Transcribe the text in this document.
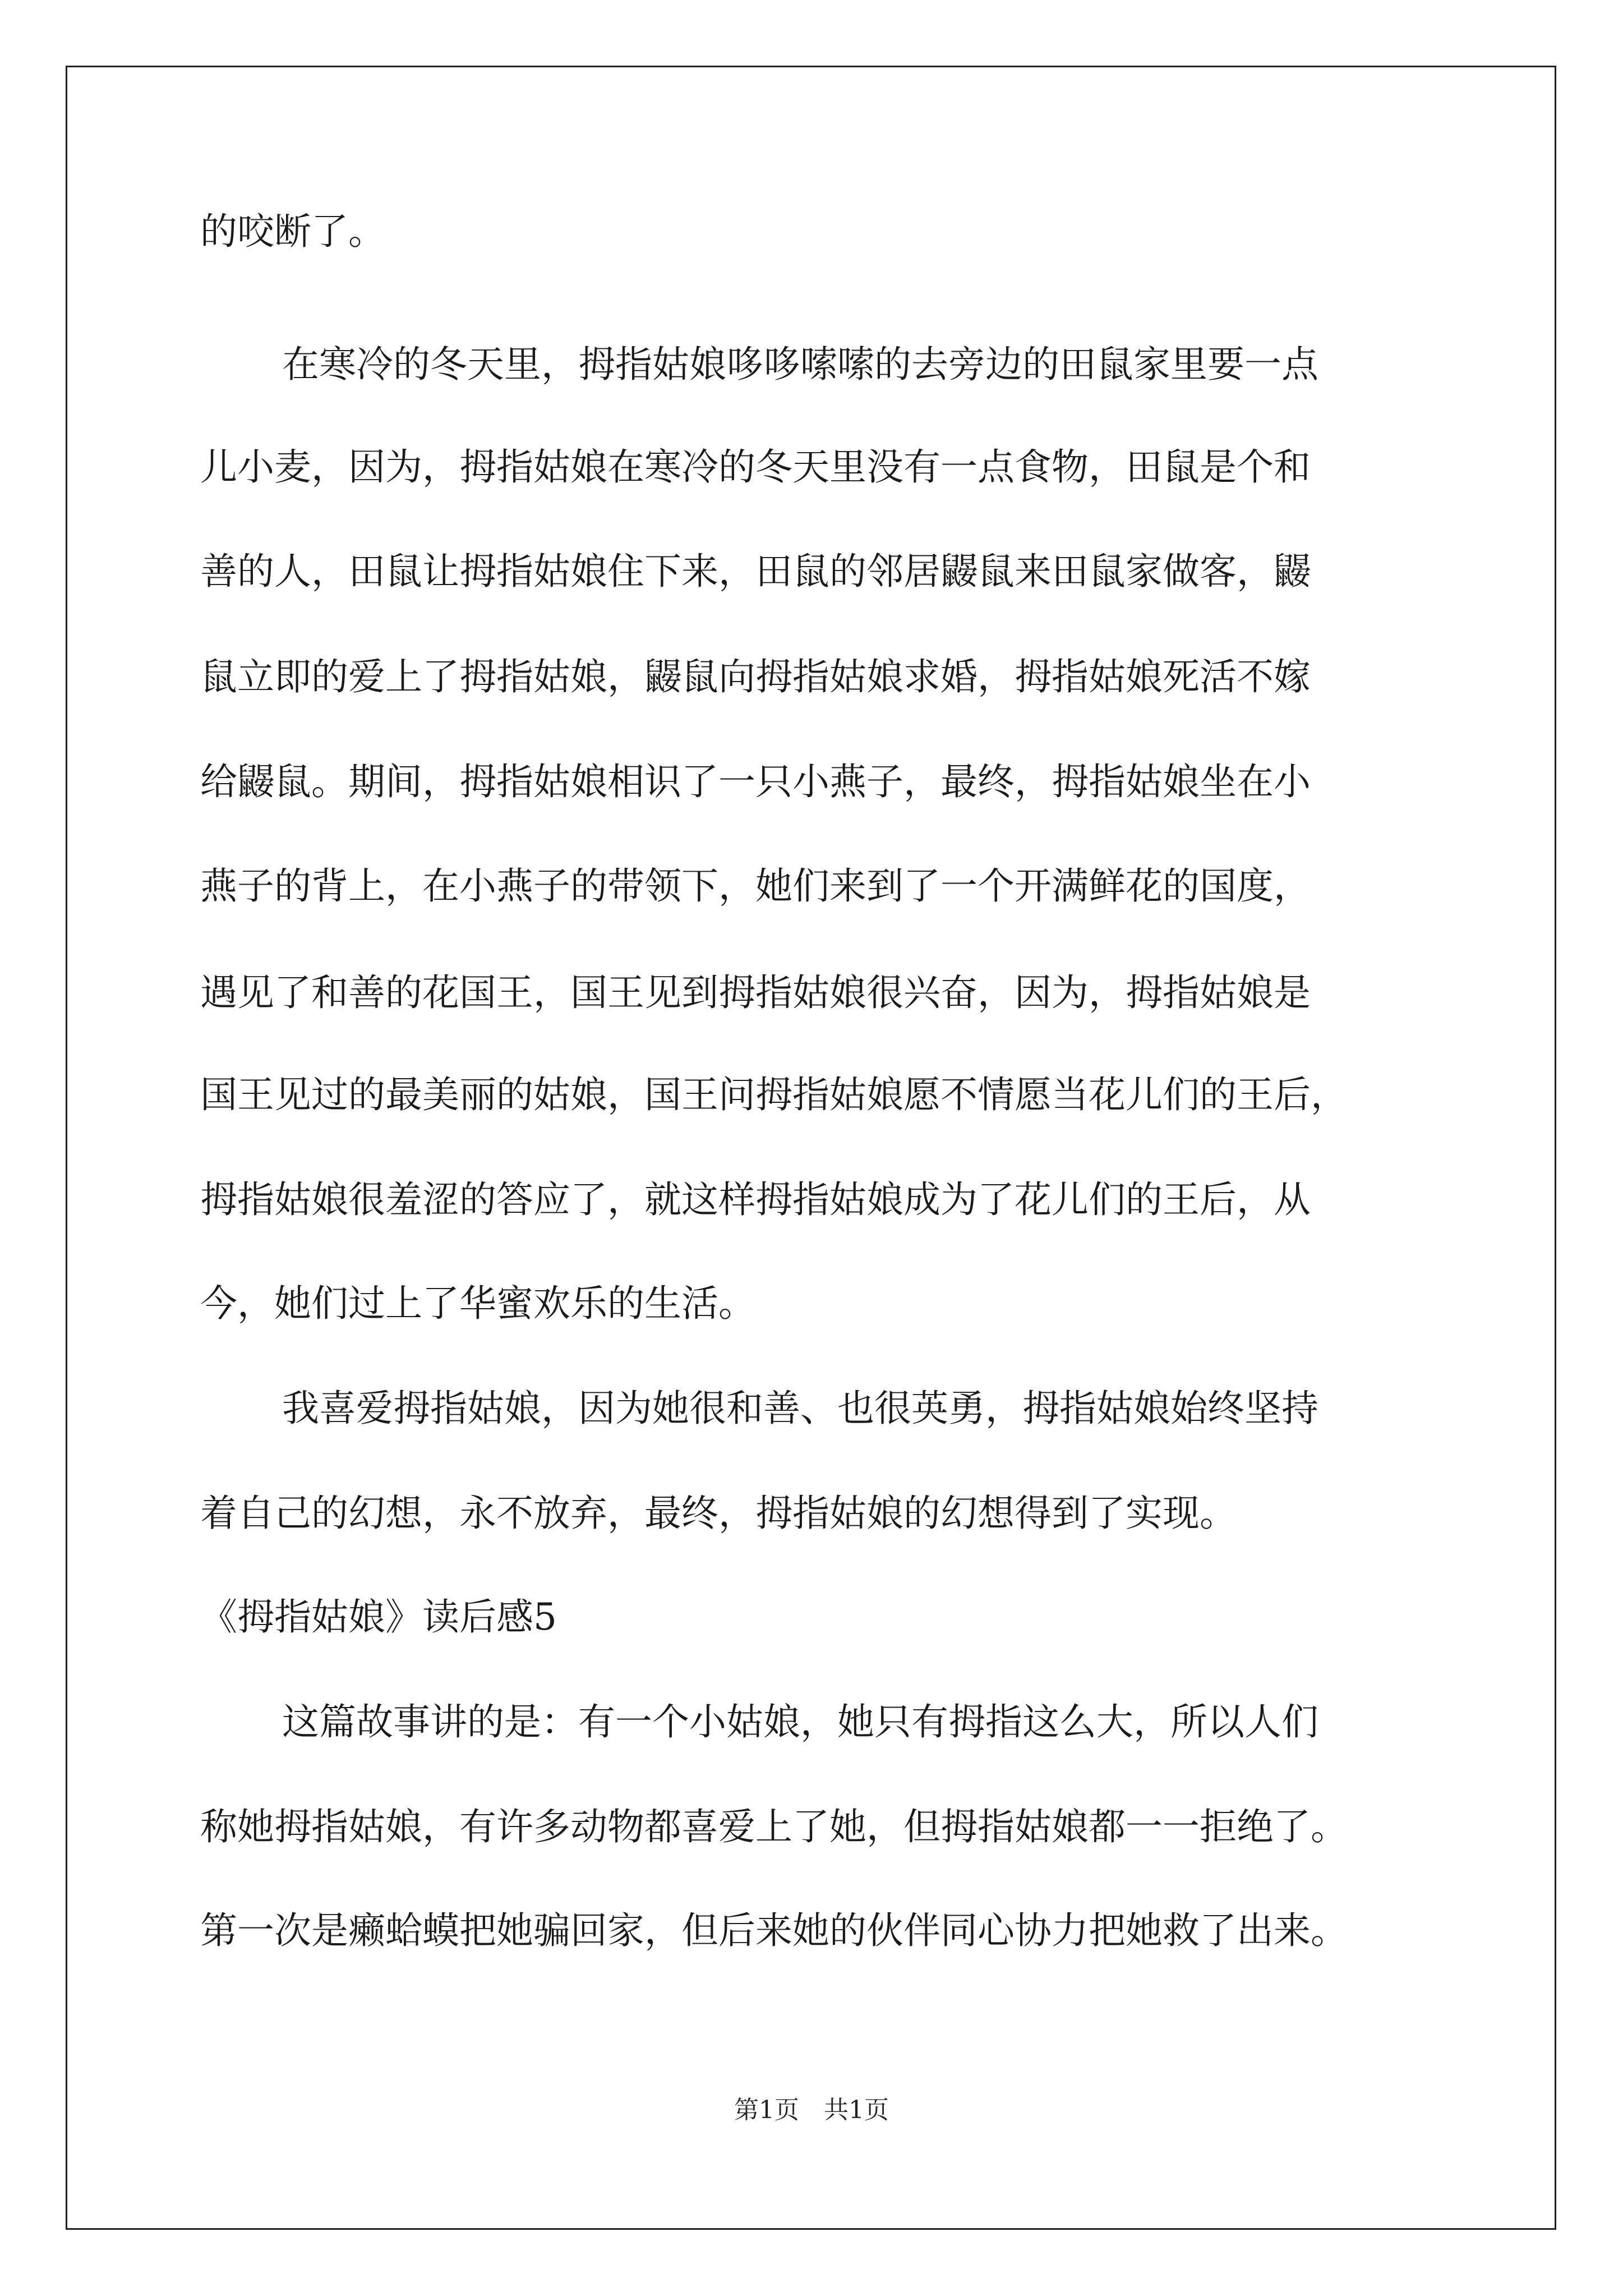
的咬断了。
在寒冷的冬天里，拇指姑娘哆哆嗦嗦的去旁边的田鼠家里要一点
儿小麦，因为，拇指姑娘在寒冷的冬天里没有一点食物，田鼠是个和
善的人，田鼠让拇指姑娘住下来，田鼠的邻居鼹鼠来田鼠家做客，鼹
鼠立即的爱上了拇指姑娘，鼹鼠向拇指姑娘求婚，拇指姑娘死活不嫁
给鼹鼠。期间，拇指姑娘相识了一只小燕子，最终，拇指姑娘坐在小
燕子的背上，在小燕子的带领下，她们来到了一个开满鲜花的国度，
遇见了和善的花国王，国王见到拇指姑娘很兴奋，因为，拇指姑娘是
国王见过的最美丽的姑娘，国王问拇指姑娘愿不情愿当花儿们的王后，
拇指姑娘很羞涩的答应了，就这样拇指姑娘成为了花儿们的王后，从
今，她们过上了华蜜欢乐的生活。
我喜爱拇指姑娘，因为她很和善、也很英勇，拇指姑娘始终坚持
着自己的幻想，永不放弃，最终，拇指姑娘的幻想得到了实现。
《拇指姑娘》读后感5
这篇故事讲的是：有一个小姑娘，她只有拇指这么大，所以人们
称她拇指姑娘，有许多动物都喜爱上了她，但拇指姑娘都一一拒绝了。
第一次是癞蛤蟆把她骗回家，但后来她的伙伴同心协力把她救了出来。
第1页　共1页
